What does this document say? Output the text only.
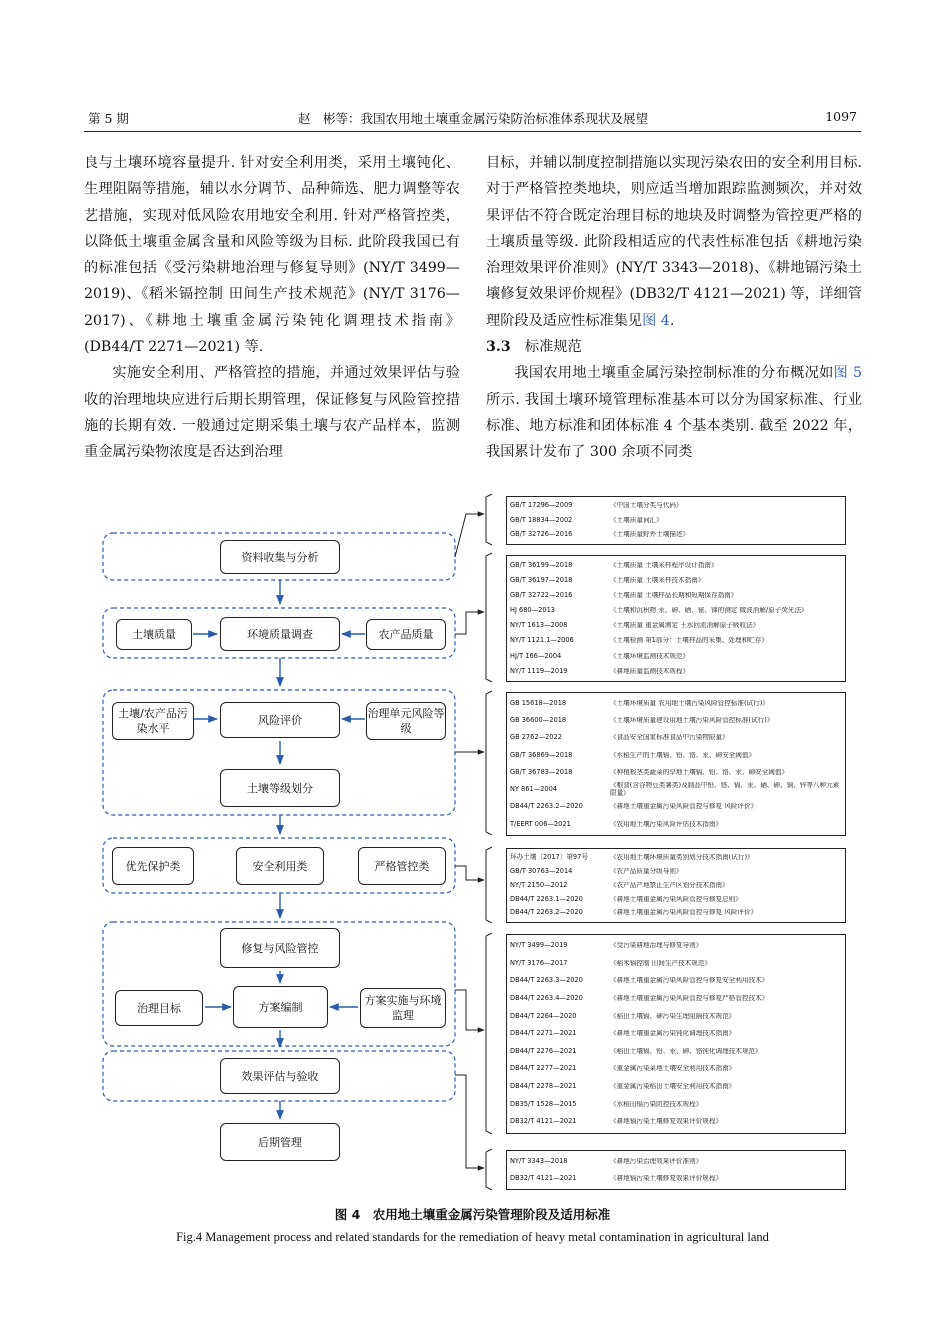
第 5 期	赵　彬等：我国农用地土壤重金属污染防治标准体系现状及展望	1097

良与土壤环境容量提升. 针对安全利用类，采用土壤钝化、生理阻隔等措施，辅以水分调节、品种筛选、肥力调整等农艺措施，实现对低风险农用地安全利用. 针对严格管控类，以降低土壤重金属含量和风险等级为目标. 此阶段我国已有的标准包括《受污染耕地治理与修复导则》(NY/T 3499—2019)、《稻米镉控制 田间生产技术规范》(NY/T 3176—2017)、《耕地土壤重金属污染钝化调理技术指南》(DB44/T 2271—2021) 等.

实施安全利用、严格管控的措施，并通过效果评估与验收的治理地块应进行后期长期管理，保证修复与风险管控措施的长期有效. 一般通过定期采集土壤与农产品样本，监测重金属污染物浓度是否达到治理

目标，并辅以制度控制措施以实现污染农田的安全利用目标. 对于严格管控类地块，则应适当增加跟踪监测频次，并对效果评估不符合既定治理目标的地块及时调整为管控更严格的土壤质量等级. 此阶段相适应的代表性标准包括《耕地污染治理效果评价准则》(NY/T 3343—2018)、《耕地镉污染土壤修复效果评价规程》(DB32/T 4121—2021) 等，详细管理阶段及适应性标准集见图 4.

3.3　 标准规范

我国农用地土壤重金属污染控制标准的分布概况如图 5所示. 我国土壤环境管理标准基本可以分为国家标准、行业标准、地方标准和团体标准 4 个基本类别. 截至 2022 年，我国累计发布了 300 余项不同类

资料收集与分析
土壤质量	环境质量调查	农产品质量
土壤/农产品污染水平
风险评价	治理单元风险等级
土壤等级划分
优先保护类	安全利用类	严格管控类
修复与风险管控
治理目标	方案编制	方案实施与环境监理
效果评估与验收
后期管理
GB/T 17296—2009	《中国土壤分类与代码》
GB/T 18834—2002	《土壤质量词汇》
GB/T 32726—2016	《土壤质量野外土壤描述》
GB/T 36199—2018	《土壤质量 土壤采样程序设计指南》
GB/T 36197—2018	《土壤质量 土壤采样技术指南》
GB/T 32722—2016	《土壤质量 土壤样品长期和短期保存指南》
HJ 680—2013	《土壤和沉积物 汞、砷、硒、铋、锑的测定 微波消解/原子荧光法》
NY/T 1613—2008	《土壤质量 重金属测定 王水回流消解原子吸收法》
NY/T 1121.1—2006	《土壤检测 第1部分：土壤样品的采集、处理和贮存》
HJ/T 166—2004	《土壤环境监测技术规范》
NY/T 1119—2019	《耕地质量监测技术规程》
GB 15618—2018	《土壤环境质量 农用地土壤污染风险管控标准(试行)》
GB 36600—2018	《土壤环境质量建设用地土壤污染风险管控标准(试行)》
GB 2762—2022	《食品安全国家标准食品中污染物限量》
GB/T 36869—2018	《水稻生产的土壤镉、铅、铬、汞、砷安全阈值》
GB/T 36783—2018	《种植根茎类蔬菜的旱地土壤镉、铅、铬、汞、砷安全阈值》
NY 861—2004	《粮食(含谷物豆类薯类)及制品中铅、铬、镉、汞、硒、砷、铜、锌等八种元素限量》
DB44/T 2263.2—2020	《耕地土壤重金属污染风险管控与修复 风险评价》
T/EERT 006—2021	《农用地土壤污染风险评估技术指南》
环办土壤〔2017〕第97号	《农用地土壤环境质量类别划分技术指南(试行)》
GB/T 30763—2014	《农产品质量分级导则》
NY/T 2150—2012	《农产品产地禁止生产区划分技术指南》
DB44/T 2263.1—2020	《耕地土壤重金属污染风险管控与修复总则》
DB44/T 2263.2—2020	《耕地土壤重金属污染风险管控与修复 风险评价》
NY/T 3499—2019	《受污染耕地治理与修复导则》
NY/T 3176—2017	《稻米镉控制 田间生产技术规范》
DB44/T 2263.3—2020	《耕地土壤重金属污染风险管控与修复安全利用技术》
DB44/T 2263.4—2020	《耕地土壤重金属污染风险管控与修复严格管控技术》
DB44/T 2264—2020	《稻田土壤镉、砷污染生理阻隔技术规范》
DB44/T 2271—2021	《耕地土壤重金属污染钝化调理技术指南》
DB44/T 2276—2021	《稻田土壤镉、铅、汞、砷、铬钝化调理技术规范》
DB44/T 2277—2021	《重金属污染菜地土壤安全利用技术指南》
DB44/T 2278—2021	《重金属污染稻田土壤安全利用技术指南》
DB35/T 1528—2015	《水稻田镉污染防控技术规程》
DB32/T 4121—2021	《耕地镉污染土壤修复效果评价规程》
NY/T 3343—2018	《耕地污染治理效果评价准则》
DB32/T 4121—2021	《耕地镉污染土壤修复效果评价规程》
图 4　农用地土壤重金属污染管理阶段及适用标准
Fig.4 Management process and related standards for the remediation of heavy metal contamination in agricultural land
